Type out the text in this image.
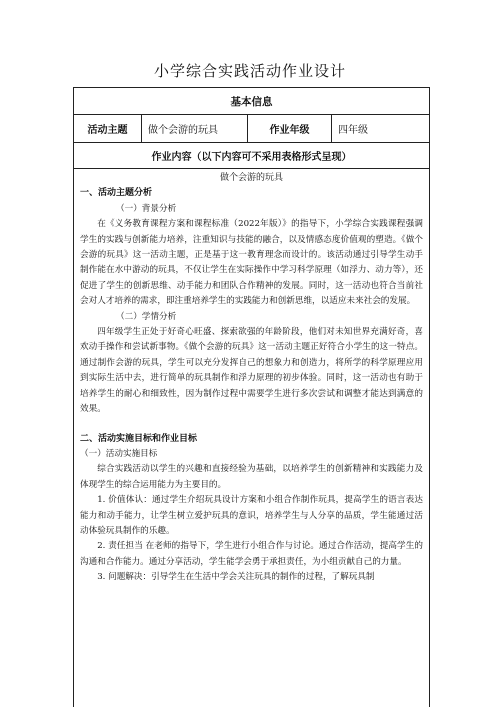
小学综合实践活动作业设计
基本信息
活动主题	做个会游的玩具	作业年级	四年级
作业内容（以下内容可不采用表格形式呈现）
做个会游的玩具
一、活动主题分析
（一）背景分析
在《义务教育课程方案和课程标准（2022年版）》的指导下，小学综合实践课程强调学生的实践与创新能力培养，注重知识与技能的融合，以及情感态度价值观的塑造。《做个会游的玩具》这一活动主题，正是基于这一教育理念而设计的。该活动通过引导学生动手制作能在水中游动的玩具，不仅让学生在实际操作中学习科学原理（如浮力、动力等），还促进了学生的创新思维、动手能力和团队合作精神的发展。同时，这一活动也符合当前社会对人才培养的需求，即注重培养学生的实践能力和创新思维，以适应未来社会的发展。
（二）学情分析
四年级学生正处于好奇心旺盛、探索欲强的年龄阶段，他们对未知世界充满好奇，喜欢动手操作和尝试新事物。《做个会游的玩具》这一活动主题正好符合小学生的这一特点。通过制作会游的玩具，学生可以充分发挥自己的想象力和创造力，将所学的科学原理应用到实际生活中去，进行简单的玩具制作和浮力原理的初步体验。同时，这一活动也有助于培养学生的耐心和细致性，因为制作过程中需要学生进行多次尝试和调整才能达到满意的效果。
二、活动实施目标和作业目标
（一）活动实施目标
综合实践活动以学生的兴趣和直接经验为基础，以培养学生的创新精神和实践能力及体现学生的综合运用能力为主要目的。
1. 价值体认：通过学生介绍玩具设计方案和小组合作制作玩具，提高学生的语言表达能力和动手能力，让学生树立爱护玩具的意识，培养学生与人分享的品质，学生能通过活动体验玩具制作的乐趣。
2. 责任担当 在老师的指导下，学生进行小组合作与讨论。通过合作活动，提高学生的沟通和合作能力。通过分享活动，学生能学会勇于承担责任，为小组贡献自己的力量。
3. 问题解决：引导学生在生活中学会关注玩具的制作的过程，了解玩具制
